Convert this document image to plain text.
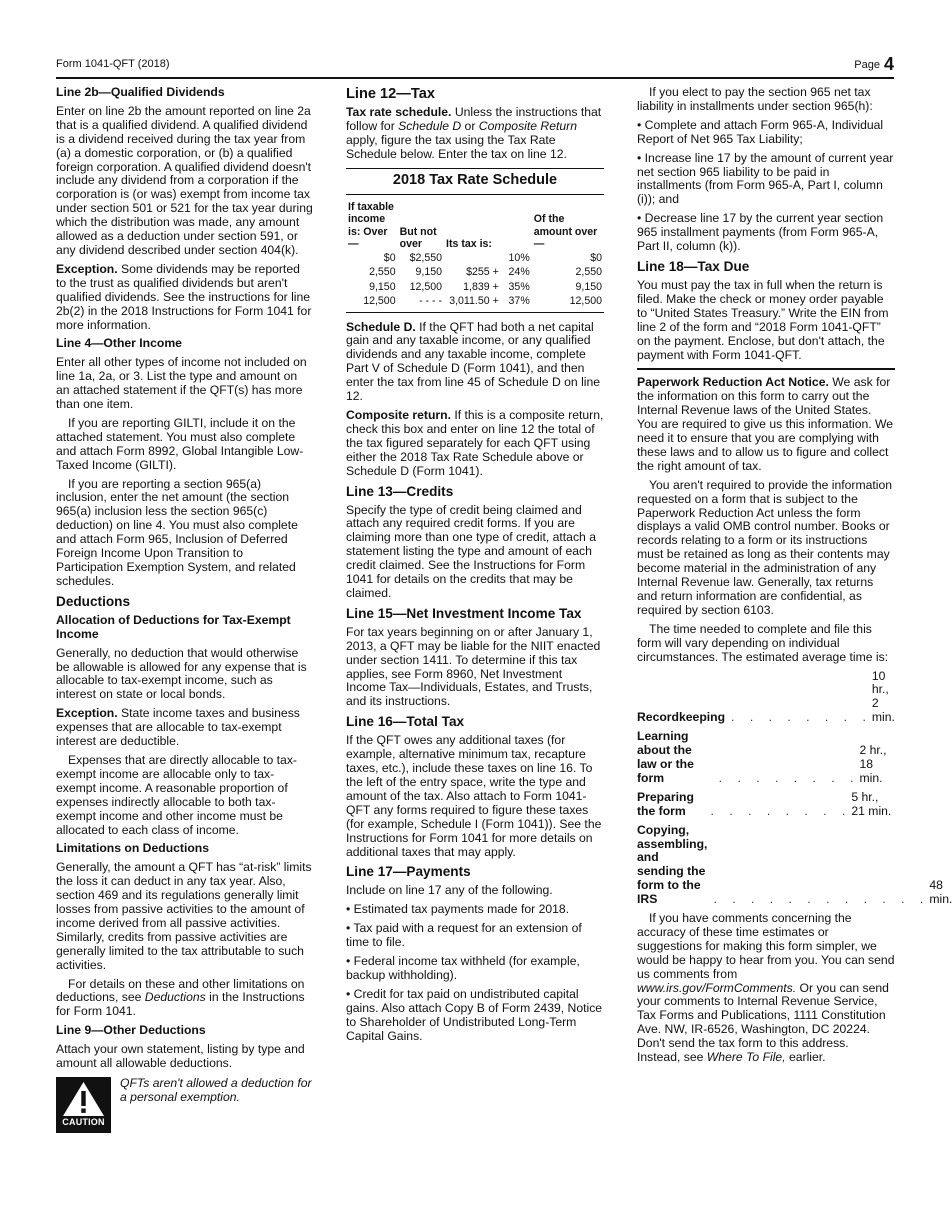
Form 1041-QFT (2018)	Page 4
Line 2b—Qualified Dividends

Enter on line 2b the amount reported on line 2a that is a qualified dividend. A qualified dividend is a dividend received during the tax year from (a) a domestic corporation, or (b) a qualified foreign corporation. A qualified dividend doesn't include any dividend from a corporation if the corporation is (or was) exempt from income tax under section 501 or 521 for the tax year during which the distribution was made, any amount allowed as a deduction under section 591, or any dividend described under section 404(k).

Exception. Some dividends may be reported to the trust as qualified dividends but aren't qualified dividends. See the instructions for line 2b(2) in the 2018 Instructions for Form 1041 for more information.

Line 4—Other Income

Enter all other types of income not included on line 1a, 2a, or 3. List the type and amount on an attached statement if the QFT(s) has more than one item.

If you are reporting GILTI, include it on the attached statement. You must also complete and attach Form 8992, Global Intangible Low-Taxed Income (GILTI).

If you are reporting a section 965(a) inclusion, enter the net amount (the section 965(a) inclusion less the section 965(c) deduction) on line 4. You must also complete and attach Form 965, Inclusion of Deferred Foreign Income Upon Transition to Participation Exemption System, and related schedules.

Deductions
Allocation of Deductions for Tax-Exempt Income

Generally, no deduction that would otherwise be allowable is allowed for any expense that is allocable to tax-exempt income, such as interest on state or local bonds.

Exception. State income taxes and business expenses that are allocable to tax-exempt interest are deductible.

Expenses that are directly allocable to tax-exempt income are allocable only to tax-exempt income. A reasonable proportion of expenses indirectly allocable to both tax-exempt income and other income must be allocated to each class of income.

Limitations on Deductions

Generally, the amount a QFT has “at-risk” limits the loss it can deduct in any tax year. Also, section 469 and its regulations generally limit losses from passive activities to the amount of income derived from all passive activities. Similarly, credits from passive activities are generally limited to the tax attributable to such activities.

For details on these and other limitations on deductions, see Deductions in the Instructions for Form 1041.

Line 9—Other Deductions

Attach your own statement, listing by type and amount all allowable deductions.

CAUTION
QFTs aren't allowed a deduction for a personal exemption.
Line 12—Tax

Tax rate schedule. Unless the instructions that follow for Schedule D or Composite Return apply, figure the tax using the Tax Rate Schedule below. Enter the tax on line 12.

2018 Tax Rate Schedule
If taxable income is: Over—	But not over	Its tax is:		Of the amount over—
$0	$2,550		10%	$0
2,550	9,150	$255 +	24%	2,550
9,150	12,500	1,839 +	35%	9,150
12,500	- - - -	3,011.50 +	37%	12,500

Schedule D. If the QFT had both a net capital gain and any taxable income, or any qualified dividends and any taxable income, complete Part V of Schedule D (Form 1041), and then enter the tax from line 45 of Schedule D on line 12.

Composite return. If this is a composite return, check this box and enter on line 12 the total of the tax figured separately for each QFT using either the 2018 Tax Rate Schedule above or Schedule D (Form 1041).

Line 13—Credits

Specify the type of credit being claimed and attach any required credit forms. If you are claiming more than one type of credit, attach a statement listing the type and amount of each credit claimed. See the Instructions for Form 1041 for details on the credits that may be claimed.

Line 15—Net Investment Income Tax

For tax years beginning on or after January 1, 2013, a QFT may be liable for the NIIT enacted under section 1411. To determine if this tax applies, see Form 8960, Net Investment Income Tax—Individuals, Estates, and Trusts, and its instructions.

Line 16—Total Tax

If the QFT owes any additional taxes (for example, alternative minimum tax, recapture taxes, etc.), include these taxes on line 16. To the left of the entry space, write the type and amount of the tax. Also attach to Form 1041-QFT any forms required to figure these taxes (for example, Schedule I (Form 1041)). See the Instructions for Form 1041 for more details on additional taxes that may apply.

Line 17—Payments

Include on line 17 any of the following.

• Estimated tax payments made for 2018.

• Tax paid with a request for an extension of time to file.

• Federal income tax withheld (for example, backup withholding).

• Credit for tax paid on undistributed capital gains. Also attach Copy B of Form 2439, Notice to Shareholder of Undistributed Long-Term Capital Gains.

If you elect to pay the section 965 net tax liability in installments under section 965(h):

• Complete and attach Form 965-A, Individual Report of Net 965 Tax Liability;

• Increase line 17 by the amount of current year net section 965 liability to be paid in installments (from Form 965-A, Part I, column (i)); and

• Decrease line 17 by the current year section 965 installment payments (from Form 965-A, Part II, column (k)).

Line 18—Tax Due

You must pay the tax in full when the return is filed. Make the check or money order payable to “United States Treasury.” Write the EIN from line 2 of the form and “2018 Form 1041-QFT” on the payment. Enclose, but don't attach, the payment with Form 1041-QFT.

Paperwork Reduction Act Notice. We ask for the information on this form to carry out the Internal Revenue laws of the United States. You are required to give us this information. We need it to ensure that you are complying with these laws and to allow us to figure and collect the right amount of tax.

You aren't required to provide the information requested on a form that is subject to the Paperwork Reduction Act unless the form displays a valid OMB control number. Books or records relating to a form or its instructions must be retained as long as their contents may become material in the administration of any Internal Revenue law. Generally, tax returns and return information are confidential, as required by section 6103.

The time needed to complete and file this form will vary depending on individual circumstances. The estimated average time is:

Recordkeeping . . . . . . . .
10 hr., 2 min.
Learning about the law or the form	. . . . . . . .
2 hr., 18 min.
Preparing the form	. . . . . . . .
5 hr., 21 min.
Copying, assembling, and sending the form to the IRS	. . . . . . . . . . . .
48 min.

If you have comments concerning the accuracy of these time estimates or suggestions for making this form simpler, we would be happy to hear from you. You can send us comments from www.irs.gov/FormComments. Or you can send your comments to Internal Revenue Service, Tax Forms and Publications, 1111 Constitution Ave. NW, IR-6526, Washington, DC 20224. Don't send the tax form to this address. Instead, see Where To File, earlier.
